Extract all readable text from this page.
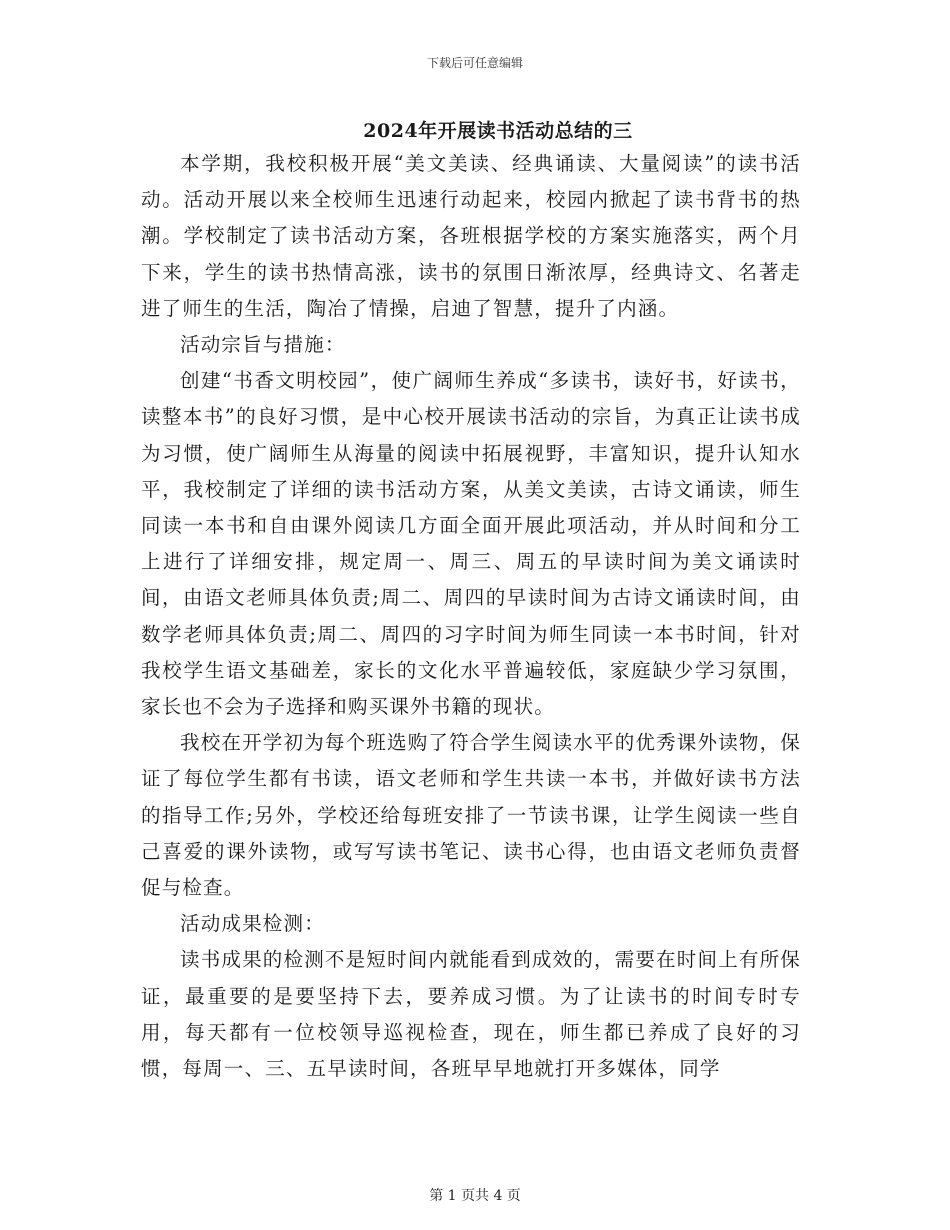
下载后可任意编辑
2024年开展读书活动总结的三

本学期，我校积极开展“美文美读、经典诵读、大量阅读”的读书活动。活动开展以来全校师生迅速行动起来，校园内掀起了读书背书的热潮。学校制定了读书活动方案，各班根据学校的方案实施落实，两个月下来，学生的读书热情高涨，读书的氛围日渐浓厚，经典诗文、名著走进了师生的生活，陶冶了情操，启迪了智慧，提升了内涵。

活动宗旨与措施：

创建“书香文明校园”，使广阔师生养成“多读书，读好书，好读书，读整本书”的良好习惯，是中心校开展读书活动的宗旨，为真正让读书成为习惯，使广阔师生从海量的阅读中拓展视野，丰富知识，提升认知水平，我校制定了详细的读书活动方案，从美文美读，古诗文诵读，师生同读一本书和自由课外阅读几方面全面开展此项活动，并从时间和分工上进行了详细安排，规定周一、周三、周五的早读时间为美文诵读时间，由语文老师具体负责;周二、周四的早读时间为古诗文诵读时间，由数学老师具体负责;周二、周四的习字时间为师生同读一本书时间，针对我校学生语文基础差，家长的文化水平普遍较低，家庭缺少学习氛围，家长也不会为子选择和购买课外书籍的现状。

我校在开学初为每个班选购了符合学生阅读水平的优秀课外读物，保证了每位学生都有书读，语文老师和学生共读一本书，并做好读书方法的指导工作;另外，学校还给每班安排了一节读书课，让学生阅读一些自己喜爱的课外读物，或写写读书笔记、读书心得，也由语文老师负责督促与检查。

活动成果检测：

读书成果的检测不是短时间内就能看到成效的，需要在时间上有所保证，最重要的是要坚持下去，要养成习惯。为了让读书的时间专时专用，每天都有一位校领导巡视检查，现在，师生都已养成了良好的习惯，每周一、三、五早读时间，各班早早地就打开多媒体，同学

第 1 页共 4 页
